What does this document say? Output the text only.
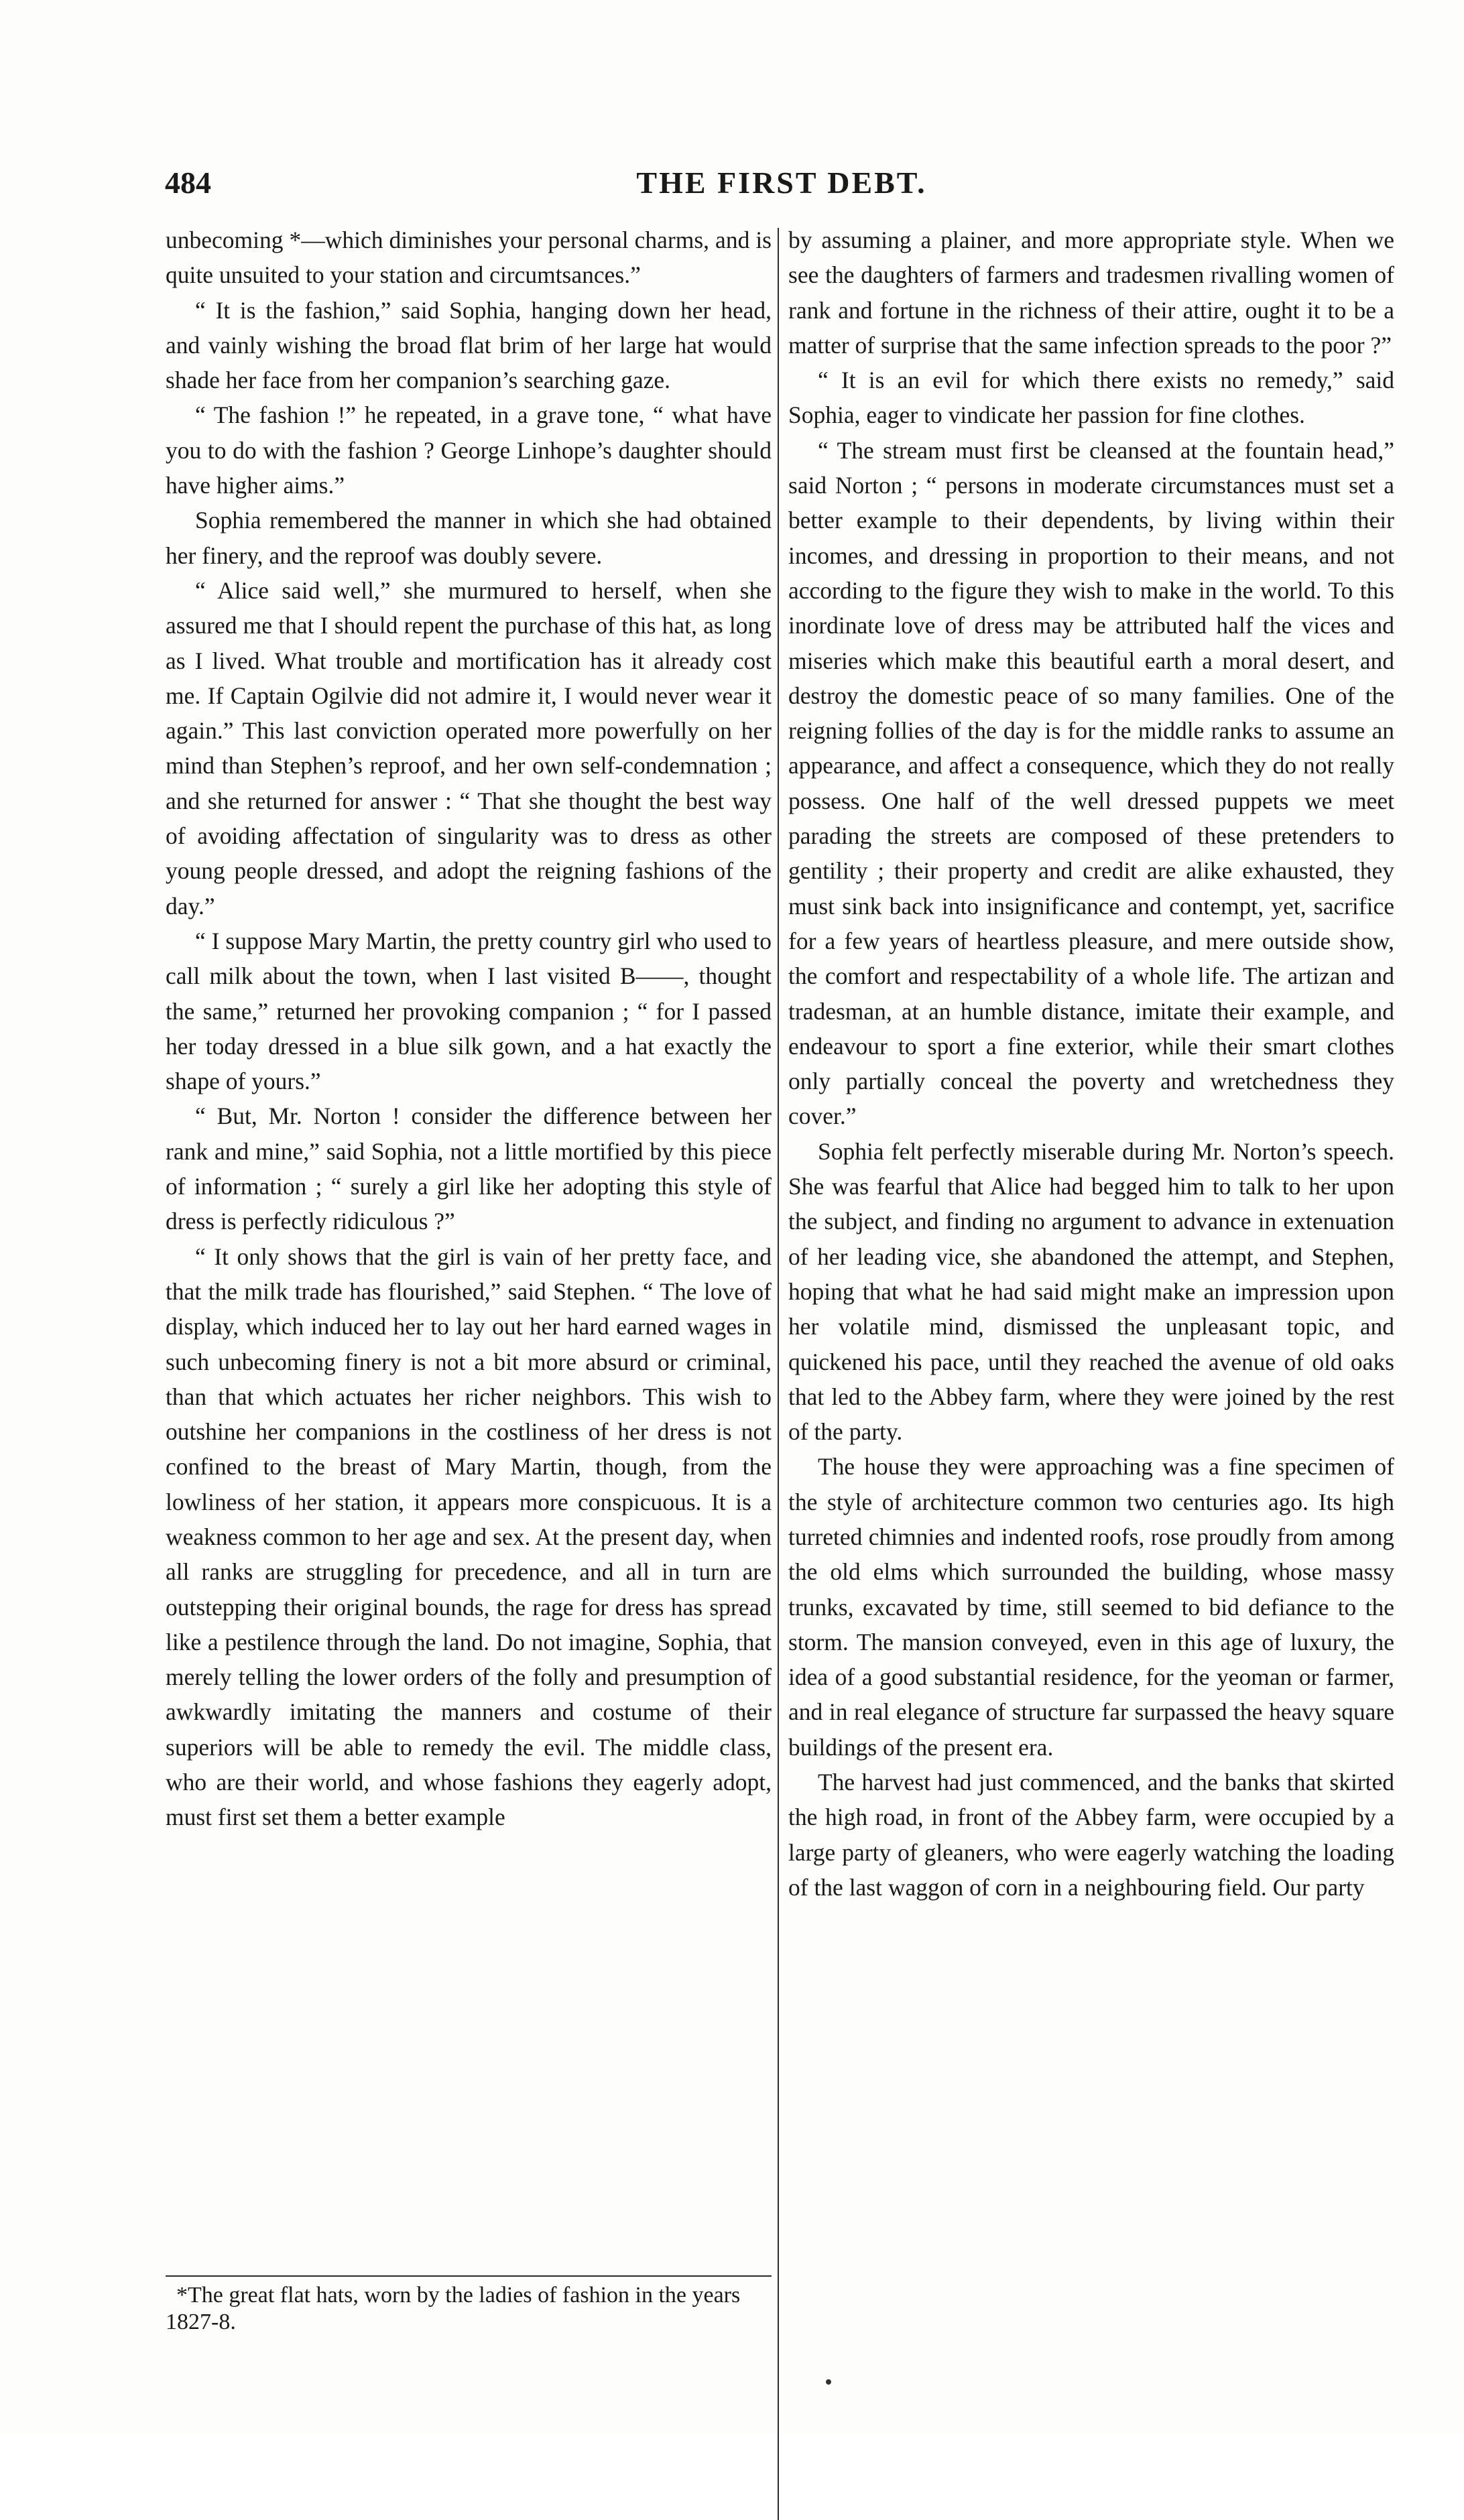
484	THE FIRST DEBT.

unbecoming *—which diminishes your personal charms, and is quite unsuited to your station and circumtsances.”

“ It is the fashion,” said Sophia, hanging down her head, and vainly wishing the broad flat brim of her large hat would shade her face from her companion’s searching gaze.

“ The fashion !” he repeated, in a grave tone, “ what have you to do with the fashion ? George Linhope’s daughter should have higher aims.”

Sophia remembered the manner in which she had obtained her finery, and the reproof was doubly severe.

“ Alice said well,” she murmured to herself, when she assured me that I should repent the purchase of this hat, as long as I lived. What trouble and mortification has it already cost me. If Captain Ogilvie did not admire it, I would never wear it again.” This last conviction operated more powerfully on her mind than Stephen’s reproof, and her own self-condemnation ; and she returned for answer : “ That she thought the best way of avoiding affectation of singularity was to dress as other young people dressed, and adopt the reigning fashions of the day.”

“ I suppose Mary Martin, the pretty country girl who used to call milk about the town, when I last visited B——, thought the same,” returned her provoking companion ; “ for I passed her today dressed in a blue silk gown, and a hat exactly the shape of yours.”

“ But, Mr. Norton ! consider the difference between her rank and mine,” said Sophia, not a little mortified by this piece of information ; “ surely a girl like her adopting this style of dress is perfectly ridiculous ?”

“ It only shows that the girl is vain of her pretty face, and that the milk trade has flourished,” said Stephen. “ The love of display, which induced her to lay out her hard earned wages in such unbecoming finery is not a bit more absurd or criminal, than that which actuates her richer neighbors. This wish to outshine her companions in the costliness of her dress is not confined to the breast of Mary Martin, though, from the lowliness of her station, it appears more conspicuous. It is a weakness common to her age and sex. At the present day, when all ranks are struggling for precedence, and all in turn are outstepping their original bounds, the rage for dress has spread like a pestilence through the land. Do not imagine, Sophia, that merely telling the lower orders of the folly and presumption of awkwardly imitating the manners and costume of their superiors will be able to remedy the evil. The middle class, who are their world, and whose fashions they eagerly adopt, must first set them a better example

by assuming a plainer, and more appropriate style. When we see the daughters of farmers and tradesmen rivalling women of rank and fortune in the richness of their attire, ought it to be a matter of surprise that the same infection spreads to the poor ?”

“ It is an evil for which there exists no remedy,” said Sophia, eager to vindicate her passion for fine clothes.

“ The stream must first be cleansed at the fountain head,” said Norton ; “ persons in moderate circumstances must set a better example to their dependents, by living within their incomes, and dressing in proportion to their means, and not according to the figure they wish to make in the world. To this inordinate love of dress may be attributed half the vices and miseries which make this beautiful earth a moral desert, and destroy the domestic peace of so many families. One of the reigning follies of the day is for the middle ranks to assume an appearance, and affect a consequence, which they do not really possess. One half of the well dressed puppets we meet parading the streets are composed of these pretenders to gentility ; their property and credit are alike exhausted, they must sink back into insignificance and contempt, yet, sacrifice for a few years of heartless pleasure, and mere outside show, the comfort and respectability of a whole life. The artizan and tradesman, at an humble distance, imitate their example, and endeavour to sport a fine exterior, while their smart clothes only partially conceal the poverty and wretchedness they cover.”

Sophia felt perfectly miserable during Mr. Norton’s speech. She was fearful that Alice had begged him to talk to her upon the subject, and finding no argument to advance in extenuation of her leading vice, she abandoned the attempt, and Stephen, hoping that what he had said might make an impression upon her volatile mind, dismissed the unpleasant topic, and quickened his pace, until they reached the avenue of old oaks that led to the Abbey farm, where they were joined by the rest of the party.

The house they were approaching was a fine specimen of the style of architecture common two centuries ago. Its high turreted chimnies and indented roofs, rose proudly from among the old elms which surrounded the building, whose massy trunks, excavated by time, still seemed to bid defiance to the storm. The mansion conveyed, even in this age of luxury, the idea of a good substantial residence, for the yeoman or farmer, and in real elegance of structure far surpassed the heavy square buildings of the present era.

The harvest had just commenced, and the banks that skirted the high road, in front of the Abbey farm, were occupied by a large party of gleaners, who were eagerly watching the loading of the last waggon of corn in a neighbouring field. Our party

*The great flat hats, worn by the ladies of fashion in the years 1827-8.
